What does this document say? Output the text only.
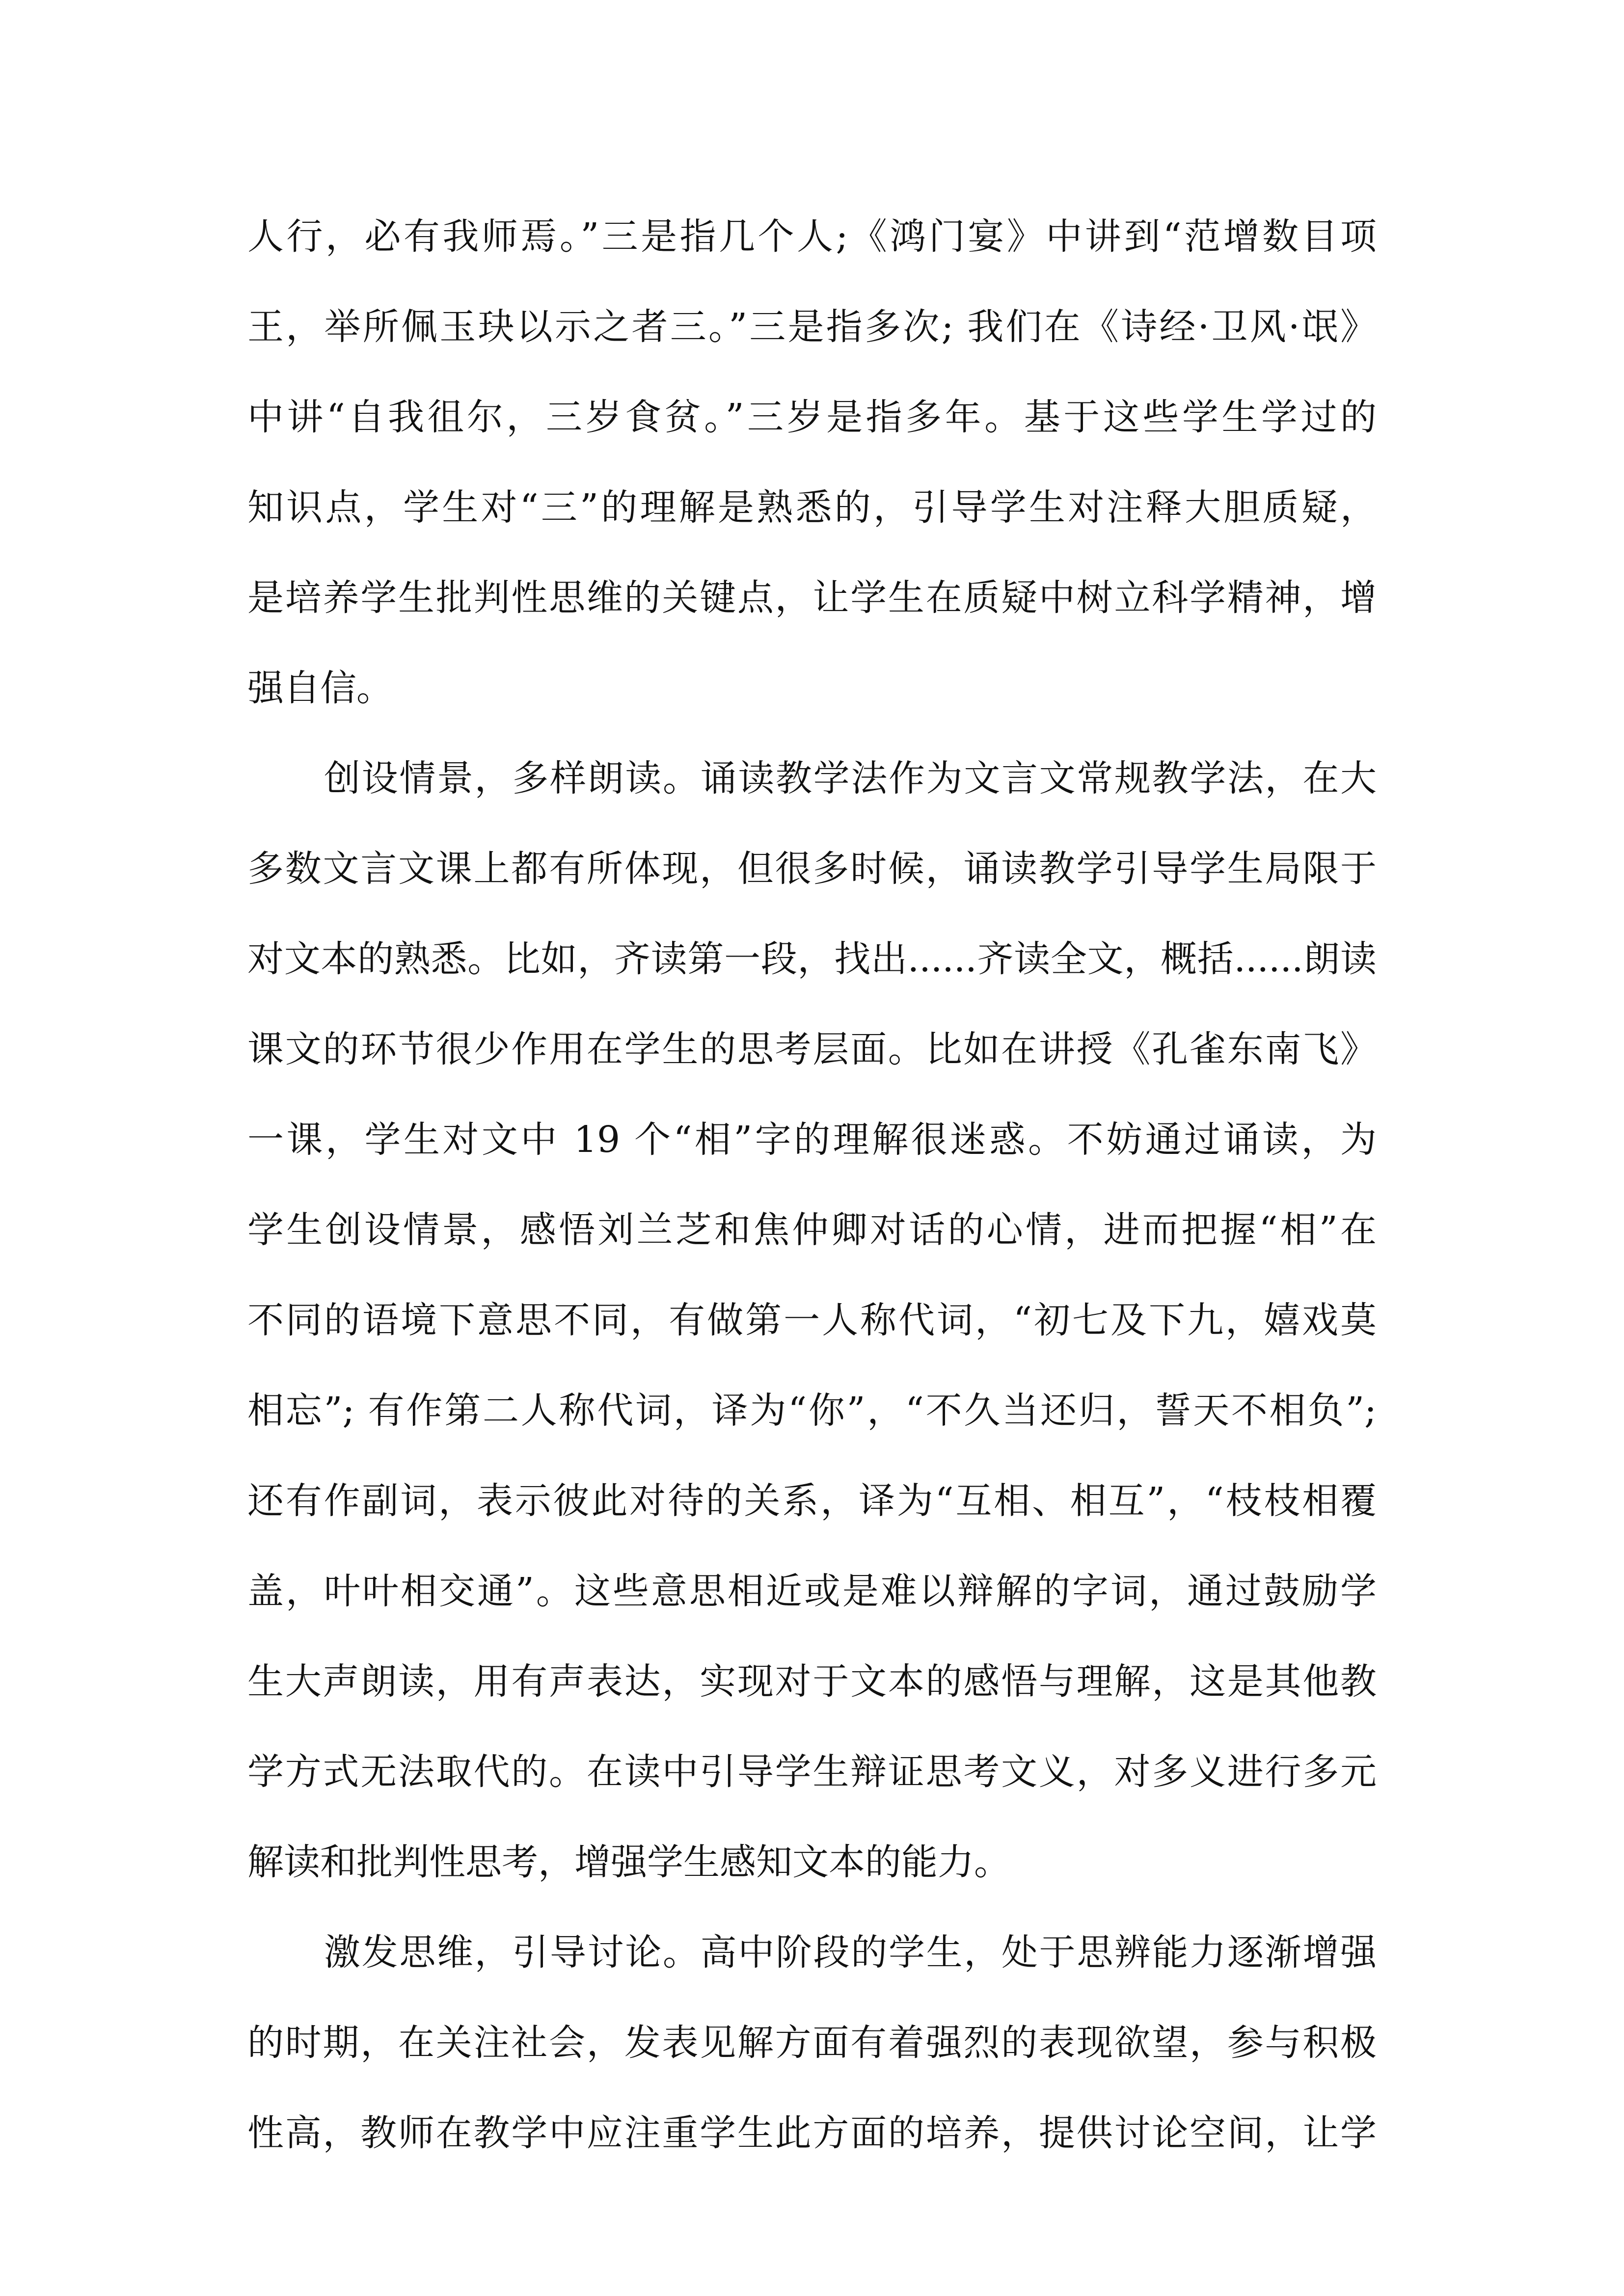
人行，必有我师焉。”三是指几个人;《鸿门宴》中讲到“范增数目项
王，举所佩玉玦以示之者三。”三是指多次; 我们在《诗经·卫风·氓》
中讲“自我徂尔，三岁食贫。”三岁是指多年。基于这些学生学过的
知识点，学生对“三”的理解是熟悉的，引导学生对注释大胆质疑，
是培养学生批判性思维的关键点，让学生在质疑中树立科学精神，增
强自信。
创设情景，多样朗读。诵读教学法作为文言文常规教学法，在大
多数文言文课上都有所体现，但很多时候，诵读教学引导学生局限于
对文本的熟悉。比如，齐读第一段，找出......齐读全文，概括......朗读
课文的环节很少作用在学生的思考层面。比如在讲授《孔雀东南飞》
一课，学生对文中 19 个“相”字的理解很迷惑。不妨通过诵读，为
学生创设情景，感悟刘兰芝和焦仲卿对话的心情，进而把握“相”在
不同的语境下意思不同，有做第一人称代词，“初七及下九，嬉戏莫
相忘”; 有作第二人称代词，译为“你”，“不久当还归，誓天不相负”;
还有作副词，表示彼此对待的关系，译为“互相、相互”，“枝枝相覆
盖，叶叶相交通”。这些意思相近或是难以辩解的字词，通过鼓励学
生大声朗读，用有声表达，实现对于文本的感悟与理解，这是其他教
学方式无法取代的。在读中引导学生辩证思考文义，对多义进行多元
解读和批判性思考，增强学生感知文本的能力。
激发思维，引导讨论。高中阶段的学生，处于思辨能力逐渐增强
的时期，在关注社会，发表见解方面有着强烈的表现欲望，参与积极
性高，教师在教学中应注重学生此方面的培养，提供讨论空间，让学
